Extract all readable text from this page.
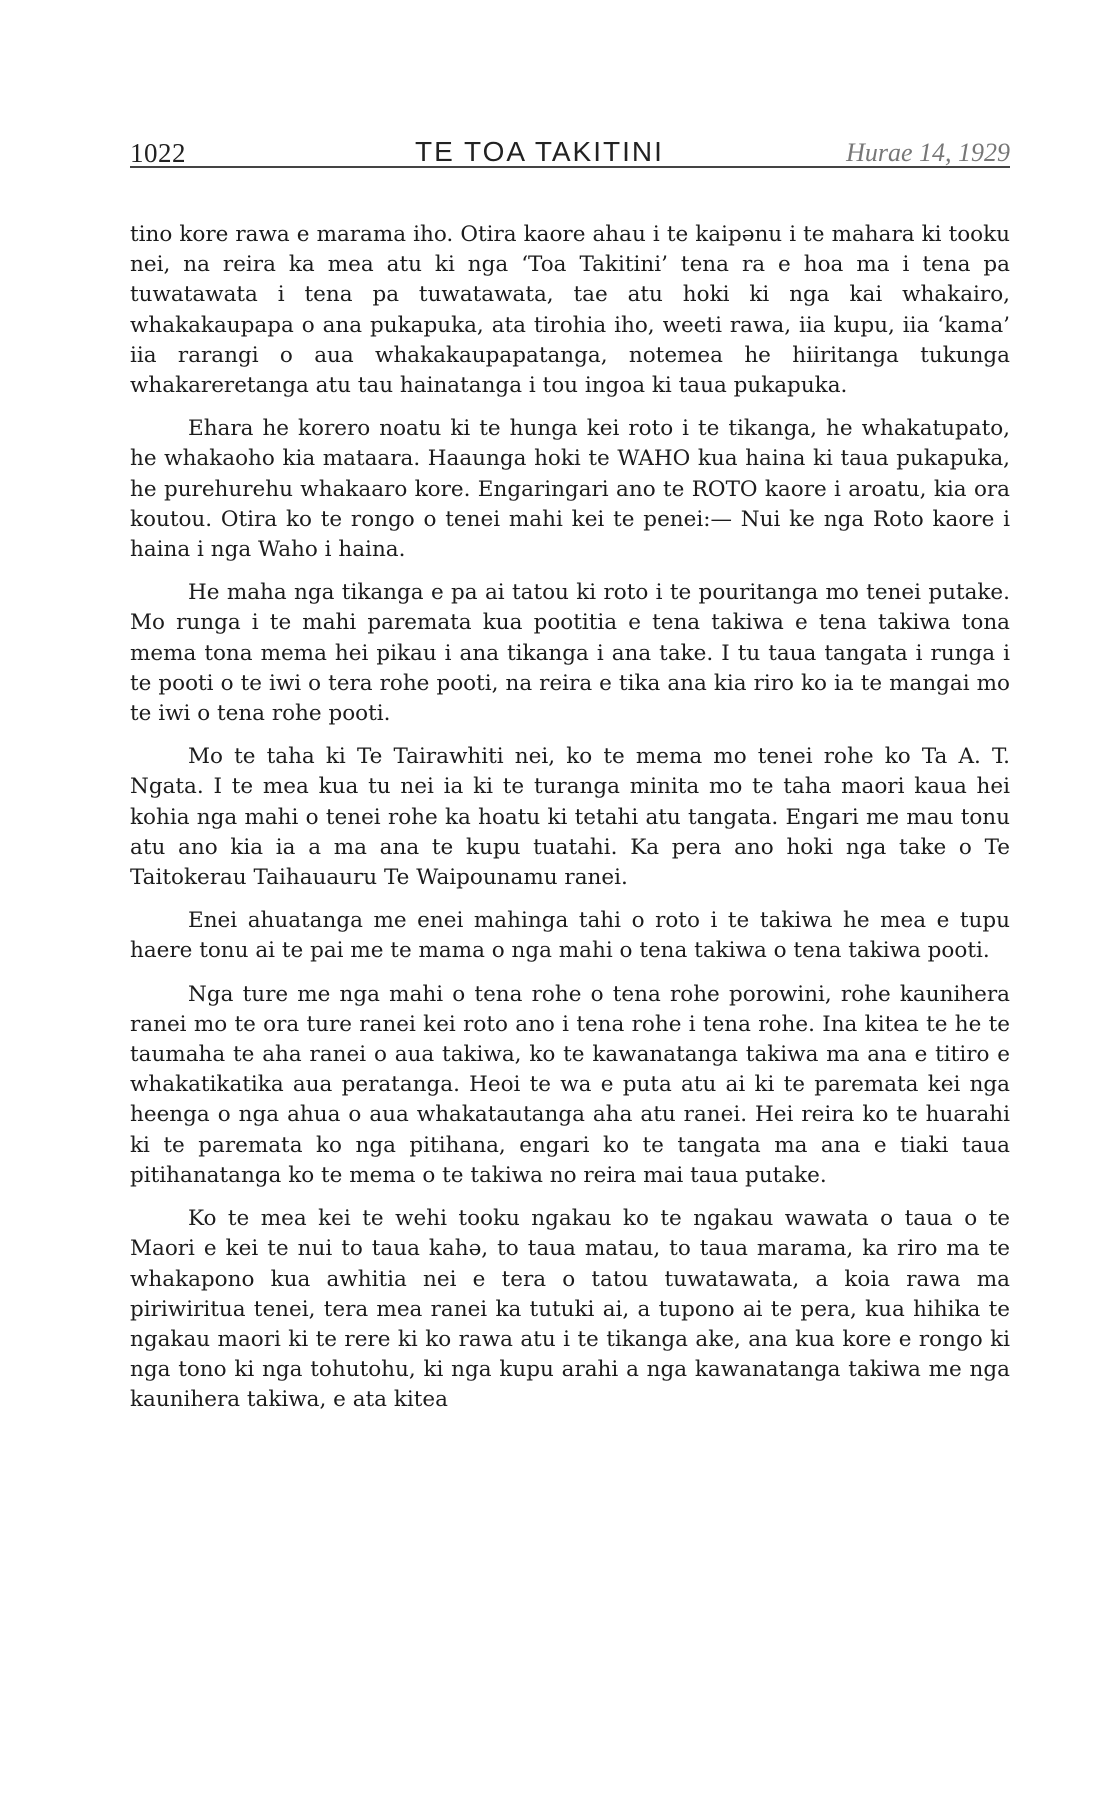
1022	TE TOA TAKITINI	Hurae 14, 1929

tino kore rawa e marama iho. Otira kaore ahau i te kaipənu i te mahara ki tooku nei, na reira ka mea atu ki nga ‘Toa Takitini’ tena ra e hoa ma i tena pa tuwatawata i tena pa tuwatawata, tae atu hoki ki nga kai whakairo, whakakaupapa o ana pukapuka, ata tirohia iho, weeti rawa, iia kupu, iia ‘kama’ iia rarangi o aua whakakaupapatanga, notemea he hiiritanga tukunga whakareretanga atu tau hainatanga i tou ingoa ki taua pukapuka.

Ehara he korero noatu ki te hunga kei roto i te tikanga, he whakatupato, he whakaoho kia mataara. Haaunga hoki te WAHO kua haina ki taua pukapuka, he purehurehu whakaaro kore. Engaringari ano te ROTO kaore i aroatu, kia ora koutou. Otira ko te rongo o tenei mahi kei te penei:— Nui ke nga Roto kaore i haina i nga Waho i haina.

He maha nga tikanga e pa ai tatou ki roto i te pouritanga mo tenei putake. Mo runga i te mahi paremata kua pootitia e tena takiwa e tena takiwa tona mema tona mema hei pikau i ana tikanga i ana take. I tu taua tangata i runga i te pooti o te iwi o tera rohe pooti, na reira e tika ana kia riro ko ia te mangai mo te iwi o tena rohe pooti.

Mo te taha ki Te Tairawhiti nei, ko te mema mo tenei rohe ko Ta A. T. Ngata. I te mea kua tu nei ia ki te turanga minita mo te taha maori kaua hei kohia nga mahi o tenei rohe ka hoatu ki tetahi atu tangata. Engari me mau tonu atu ano kia ia a ma ana te kupu tuatahi. Ka pera ano hoki nga take o Te Taitokerau Taihauauru Te Waipounamu ranei.

Enei ahuatanga me enei mahinga tahi o roto i te takiwa he mea e tupu haere tonu ai te pai me te mama o nga mahi o tena takiwa o tena takiwa pooti.

Nga ture me nga mahi o tena rohe o tena rohe porowini, rohe kaunihera ranei mo te ora ture ranei kei roto ano i tena rohe i tena rohe. Ina kitea te he te taumaha te aha ranei o aua takiwa, ko te kawanatanga takiwa ma ana e titiro e whakatikatika aua peratanga. Heoi te wa e puta atu ai ki te paremata kei nga heenga o nga ahua o aua whakatautanga aha atu ranei. Hei reira ko te huarahi ki te paremata ko nga pitihana, engari ko te tangata ma ana e tiaki taua pitihanatanga ko te mema o te takiwa no reira mai taua putake.

Ko te mea kei te wehi tooku ngakau ko te ngakau wawata o taua o te Maori e kei te nui to taua kahə, to taua matau, to taua marama, ka riro ma te whakapono kua awhitia nei e tera o tatou tuwatawata, a koia rawa ma piriwiritua tenei, tera mea ranei ka tutuki ai, a tupono ai te pera, kua hihika te ngakau maori ki te rere ki ko rawa atu i te tikanga ake, ana kua kore e rongo ki nga tono ki nga tohutohu, ki nga kupu arahi a nga kawanatanga takiwa me nga kaunihera takiwa, e ata kitea
